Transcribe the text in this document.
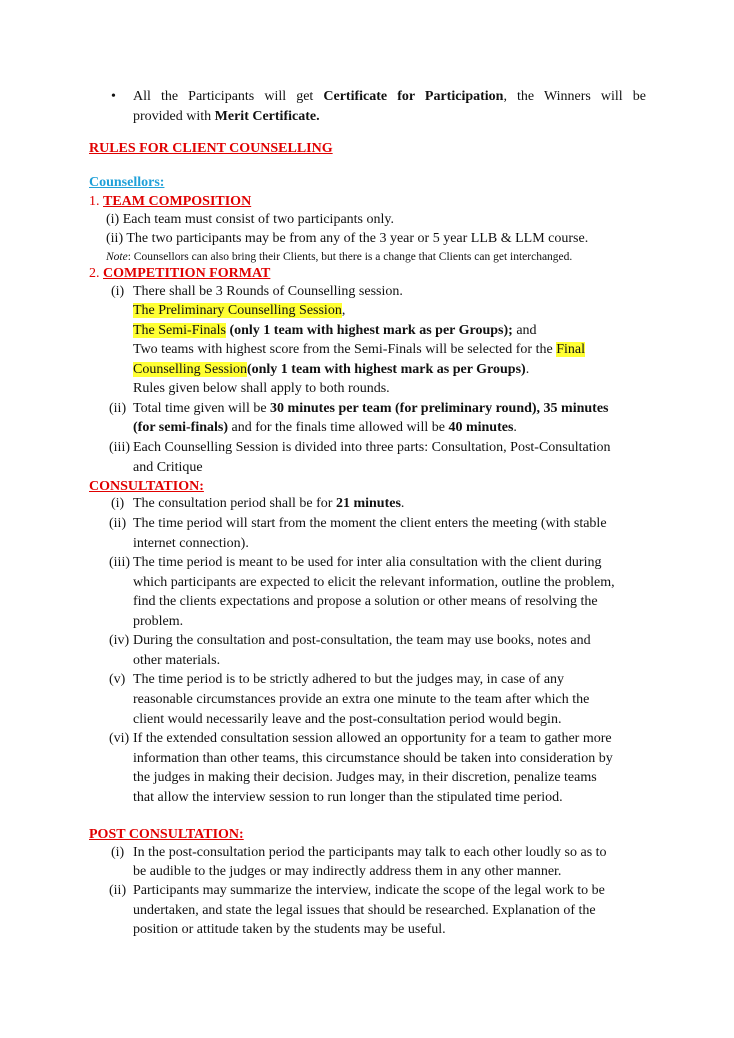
• All the Participants will get Certificate for Participation, the Winners will be
provided with Merit Certificate.
RULES FOR CLIENT COUNSELLING
Counsellors:
1. TEAM COMPOSITION
(i) Each team must consist of two participants only.
(ii) The two participants may be from any of the 3 year or 5 year LLB & LLM course.
Note: Counsellors can also bring their Clients, but there is a change that Clients can get interchanged.
2. COMPETITION FORMAT
(i) There shall be 3 Rounds of Counselling session.
The Preliminary Counselling Session,
The Semi-Finals (only 1 team with highest mark as per Groups); and
Two teams with highest score from the Semi-Finals will be selected for the Final
Counselling Session(only 1 team with highest mark as per Groups).
Rules given below shall apply to both rounds.
(ii) Total time given will be 30 minutes per team (for preliminary round), 35 minutes
(for semi-finals) and for the finals time allowed will be 40 minutes.
(iii) Each Counselling Session is divided into three parts: Consultation, Post-Consultation
and Critique
CONSULTATION:
(i) The consultation period shall be for 21 minutes.
(ii) The time period will start from the moment the client enters the meeting (with stable
internet connection).
(iii) The time period is meant to be used for inter alia consultation with the client during
which participants are expected to elicit the relevant information, outline the problem,
find the clients expectations and propose a solution or other means of resolving the
problem.
(iv) During the consultation and post-consultation, the team may use books, notes and
other materials.
(v) The time period is to be strictly adhered to but the judges may, in case of any
reasonable circumstances provide an extra one minute to the team after which the
client would necessarily leave and the post-consultation period would begin.
(vi) If the extended consultation session allowed an opportunity for a team to gather more
information than other teams, this circumstance should be taken into consideration by
the judges in making their decision. Judges may, in their discretion, penalize teams
that allow the interview session to run longer than the stipulated time period.
POST CONSULTATION:
(i) In the post-consultation period the participants may talk to each other loudly so as to
be audible to the judges or may indirectly address them in any other manner.
(ii) Participants may summarize the interview, indicate the scope of the legal work to be
undertaken, and state the legal issues that should be researched. Explanation of the
position or attitude taken by the students may be useful.
